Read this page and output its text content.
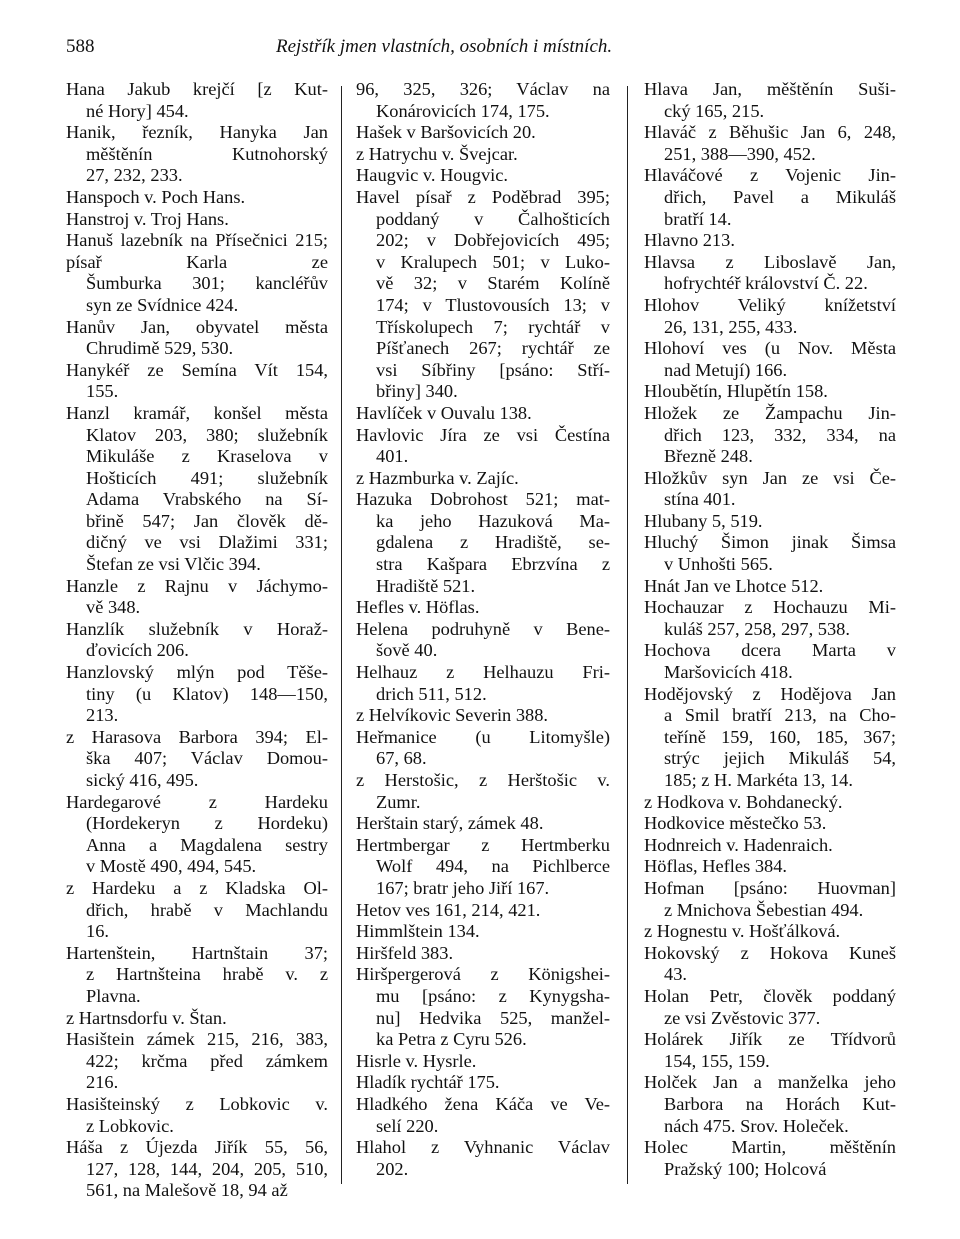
588	Rejstřík jmen vlastních, osobních i místních.
Hana Jakub krejčí [z Kut-
né Hory] 454.
Hanik, řezník, Hanyka Jan
měštěnín Kutnohorský
27, 232, 233.
Hanspoch v. Poch Hans.
Hanstroj v. Troj Hans.
Hanuš lazebník na Přísečnici 215; písař Karla ze
Šumburka 301; kancléřův
syn ze Svídnice 424.
Hanův Jan, obyvatel města
Chrudimě 529, 530.
Hanykéř ze Semína Vít 154,
155.
Hanzl kramář, konšel města
Klatov 203, 380; služebník
Mikuláše z Kraselova v
Hošticích 491; služebník
Adama Vrabského na Sí-
břině 547; Jan člověk dě-
dičný ve vsi Dlažimi 331;
Štefan ze vsi Vlčic 394.
Hanzle z Rajnu v Jáchymo-
vě 348.
Hanzlík služebník v Horaž-
ďovicích 206.
Hanzlovský mlýn pod Těše-
tiny (u Klatov) 148—150,
213.
z Harasova Barbora 394; El-
ška 407; Václav Domou-
sický 416, 495.
Hardegarové z Hardeku
(Hordekeryn z Hordeku)
Anna a Magdalena sestry
v Mostě 490, 494, 545.
z Hardeku a z Kladska Ol-
dřich, hrabě v Machlandu
16.
Hartenštein, Hartnštain 37;
z Hartnšteina hrabě v. z
Plavna.
z Hartnsdorfu v. Štan.
Hasištein zámek 215, 216, 383,
422; krčma před zámkem
216.
Hasišteinský z Lobkovic v.
z Lobkovic.
Háša z Újezda Jiřík 55, 56,
127, 128, 144, 204, 205, 510,
561, na Malešově 18, 94 až
96, 325, 326; Václav na
Konárovicích 174, 175.
Hašek v Baršovicích 20.
z Hatrychu v. Švejcar.
Haugvic v. Hougvic.
Havel písař z Poděbrad 395;
poddaný v Čalhošticích
202; v Dobřejovicích 495;
v Kralupech 501; v Luko-
vě 32; v Starém Kolíně
174; v Tlustovousích 13; v
Třískolupech 7; rychtář v
Píšťanech 267; rychtář ze
vsi Síbřiny [psáno: Stří-
břiny] 340.
Havlíček v Ouvalu 138.
Havlovic Jíra ze vsi Čestína
401.
z Hazmburka v. Zajíc.
Hazuka Dobrohost 521; mat-
ka jeho Hazuková Ma-
gdalena z Hradiště, se-
stra Kašpara Ebrzvína z
Hradiště 521.
Hefles v. Höflas.
Helena podruhyně v Bene-
šově 40.
Helhauz z Helhauzu Fri-
drich 511, 512.
z Helvíkovic Severin 388.
Heřmanice (u Litomyšle)
67, 68.
z Herstošic, z Herštošic v.
Zumr.
Herštain starý, zámek 48.
Hertmbergar z Hertmberku
Wolf 494, na Pichlberce
167; bratr jeho Jiří 167.
Hetov ves 161, 214, 421.
Himmlštein 134.
Hiršfeld 383.
Hiršpergerová z Königshei-
mu [psáno: z Kynygsha-
nu] Hedvika 525, manžel-
ka Petra z Cyru 526.
Hisrle v. Hysrle.
Hladík rychtář 175.
Hladkého žena Káča ve Ve-
selí 220.
Hlahol z Vyhnanic Václav
202.
Hlava Jan, měštěnín Suši-
cký 165, 215.
Hlaváč z Běhušic Jan 6, 248,
251, 388—390, 452.
Hlaváčové z Vojenic Jin-
dřich, Pavel a Mikuláš
bratří 14.
Hlavno 213.
Hlavsa z Liboslavě Jan,
hofrychtéř království Č. 22.
Hlohov Veliký knížetství
26, 131, 255, 433.
Hlohoví ves (u Nov. Města
nad Metují) 166.
Hloubětín, Hlupětín 158.
Hložek ze Žampachu Jin-
dřich 123, 332, 334, na
Březně 248.
Hložkův syn Jan ze vsi Če-
stína 401.
Hlubany 5, 519.
Hluchý Šimon jinak Šimsa
v Unhošti 565.
Hnát Jan ve Lhotce 512.
Hochauzar z Hochauzu Mi-
kuláš 257, 258, 297, 538.
Hochova dcera Marta v
Maršovicích 418.
Hodějovský z Hodějova Jan
a Smil bratří 213, na Cho-
teříně 159, 160, 185, 367;
strýc jejich Mikuláš 54,
185; z H. Markéta 13, 14.
z Hodkova v. Bohdanecký.
Hodkovice městečko 53.
Hodnreich v. Hadenraich.
Höflas, Hefles 384.
Hofman [psáno: Huovman]
z Mnichova Šebestian 494.
z Hognestu v. Hošťálková.
Hokovský z Hokova Kuneš
43.
Holan Petr, člověk poddaný
ze vsi Zvěstovic 377.
Holárek Jiřík ze Třídvorů
154, 155, 159.
Holček Jan a manželka jeho
Barbora na Horách Kut-
nách 475. Srov. Holeček.
Holec Martin, měštěnín
Pražský 100; Holcová
